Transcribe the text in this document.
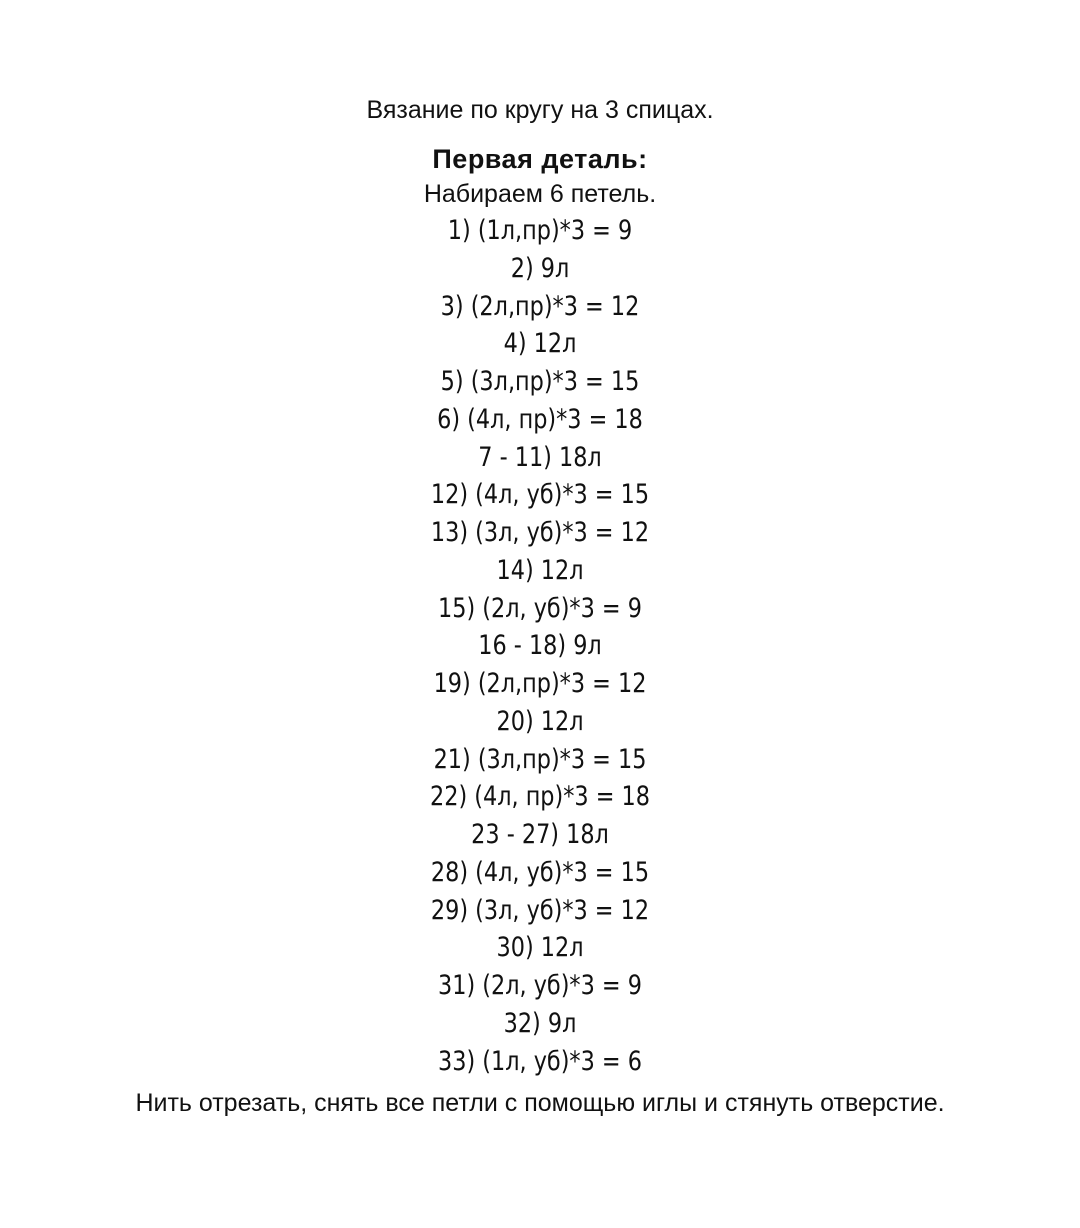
Вязание по кругу на 3 спицах.
Первая деталь:
Набираем 6 петель.
1) (1л,пр)*3 = 9
2) 9л
3) (2л,пр)*3 = 12
4) 12л
5) (3л,пр)*3 = 15
6) (4л, пр)*3 = 18
7 - 11) 18л
12) (4л, уб)*3 = 15
13) (3л, уб)*3 = 12
14) 12л
15) (2л, уб)*3 = 9
16 - 18) 9л
19) (2л,пр)*3 = 12
20) 12л
21) (3л,пр)*3 = 15
22) (4л, пр)*3 = 18
23 - 27) 18л
28) (4л, уб)*3 = 15
29) (3л, уб)*3 = 12
30) 12л
31) (2л, уб)*3 = 9
32) 9л
33) (1л, уб)*3 = 6
Нить отрезать, снять все петли с помощью иглы и стянуть отверстие.
